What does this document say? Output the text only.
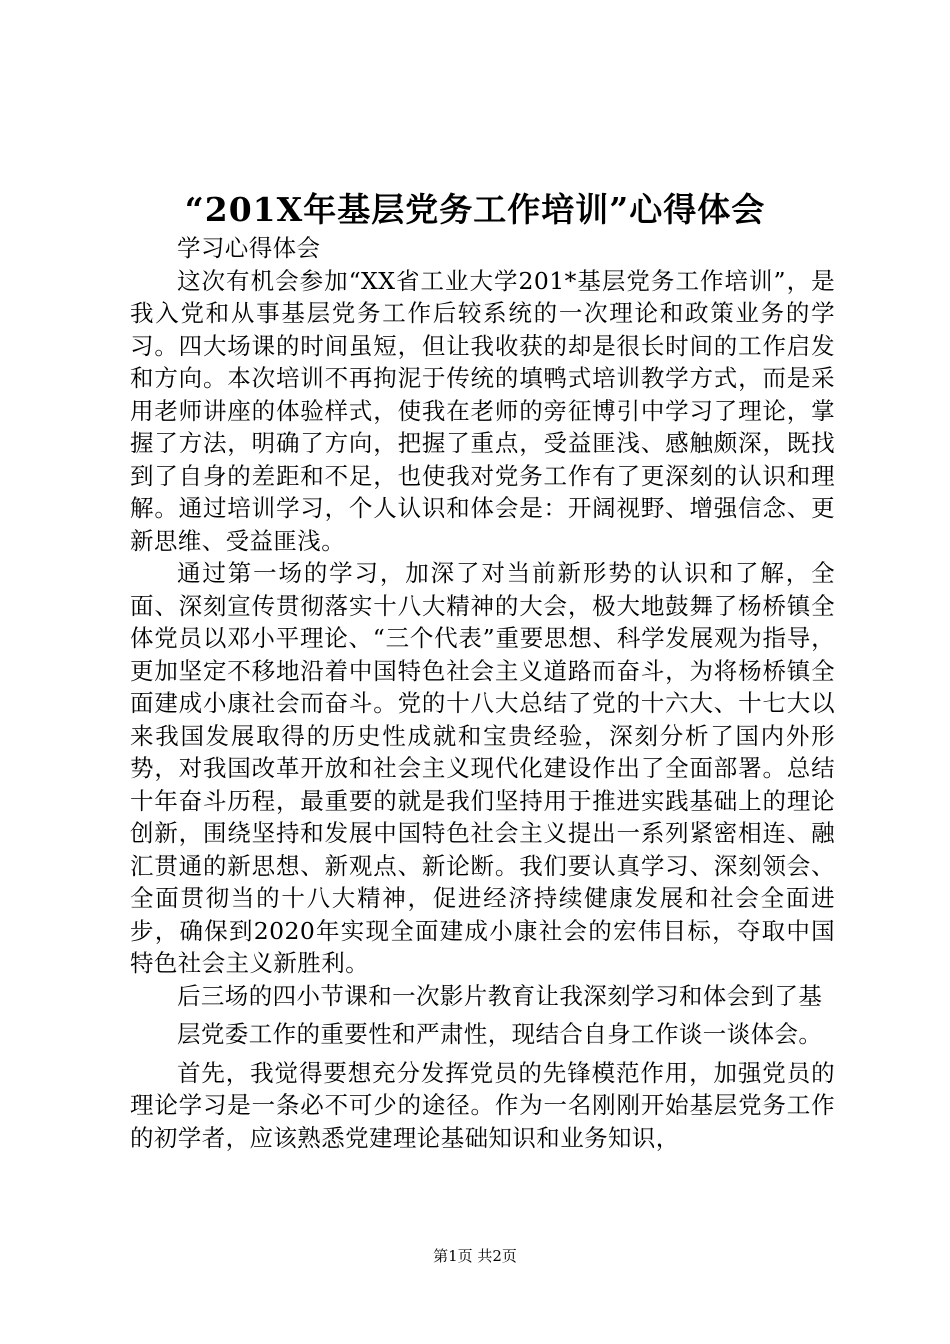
“201X年基层党务工作培训”心得体会

学习心得体会

这次有机会参加“XX省工业大学201*基层党务工作培训”，是我入党和从事基层党务工作后较系统的一次理论和政策业务的学习。四大场课的时间虽短，但让我收获的却是很长时间的工作启发和方向。本次培训不再拘泥于传统的填鸭式培训教学方式，而是采用老师讲座的体验样式，使我在老师的旁征博引中学习了理论，掌握了方法，明确了方向，把握了重点，受益匪浅、感触颇深，既找到了自身的差距和不足，也使我对党务工作有了更深刻的认识和理解。通过培训学习，个人认识和体会是：开阔视野、增强信念、更新思维、受益匪浅。

通过第一场的学习，加深了对当前新形势的认识和了解，全面、深刻宣传贯彻落实十八大精神的大会，极大地鼓舞了杨桥镇全体党员以邓小平理论、“三个代表”重要思想、科学发展观为指导，更加坚定不移地沿着中国特色社会主义道路而奋斗，为将杨桥镇全面建成小康社会而奋斗。党的十八大总结了党的十六大、十七大以来我国发展取得的历史性成就和宝贵经验，深刻分析了国内外形势，对我国改革开放和社会主义现代化建设作出了全面部署。总结十年奋斗历程，最重要的就是我们坚持用于推进实践基础上的理论创新，围绕坚持和发展中国特色社会主义提出一系列紧密相连、融汇贯通的新思想、新观点、新论断。我们要认真学习、深刻领会、全面贯彻当的十八大精神，促进经济持续健康发展和社会全面进步，确保到2020年实现全面建成小康社会的宏伟目标，夺取中国特色社会主义新胜利。

后三场的四小节课和一次影片教育让我深刻学习和体会到了基

层党委工作的重要性和严肃性，现结合自身工作谈一谈体会。

首先，我觉得要想充分发挥党员的先锋模范作用，加强党员的理论学习是一条必不可少的途径。作为一名刚刚开始基层党务工作的初学者，应该熟悉党建理论基础知识和业务知识，

第1页 共2页
